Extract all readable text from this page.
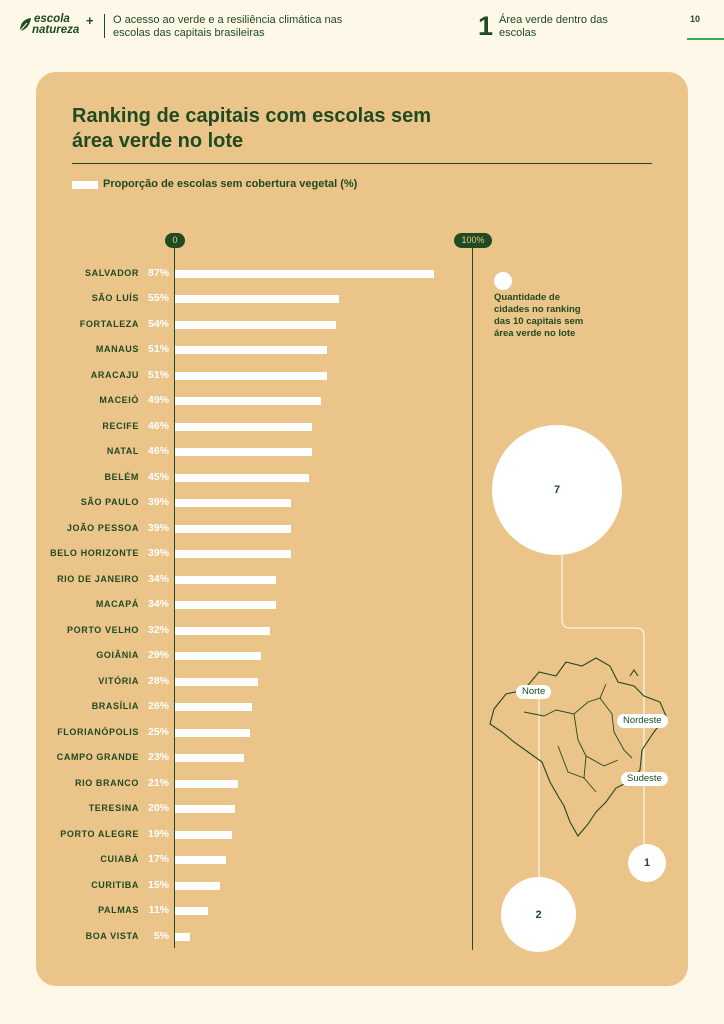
escola
natureza
+ O acesso ao verde e a resiliência climática nas escolas das capitais brasileiras	1 Área verde dentro das escolas
10
Ranking de capitais com escolas sem área verde no lote
Proporção de escolas sem cobertura vegetal (%)
0	100%
SALVADOR 87%
SÃO LUÍS 55%
FORTALEZA 54%
MANAUS 51%
ARACAJU 51%
MACEIÓ 49%
RECIFE 46%
NATAL 46%
BELÉM 45%
SÃO PAULO 39%
JOÃO PESSOA 39%
BELO HORIZONTE 39%
RIO DE JANEIRO 34%
MACAPÁ 34%
PORTO VELHO 32%
GOIÂNIA 29%
VITÓRIA 28%
BRASÍLIA 26%
FLORIANÓPOLIS 25%
CAMPO GRANDE 23%
RIO BRANCO 21%
TERESINA 20%
PORTO ALEGRE 19%
CUIABÁ 17%
CURITIBA 15%
PALMAS 11%
BOA VISTA 5%
7
2
1
Quantidade de cidades no ranking das 10 capitais sem área verde no lote
Norte
Nordeste
Sudeste
